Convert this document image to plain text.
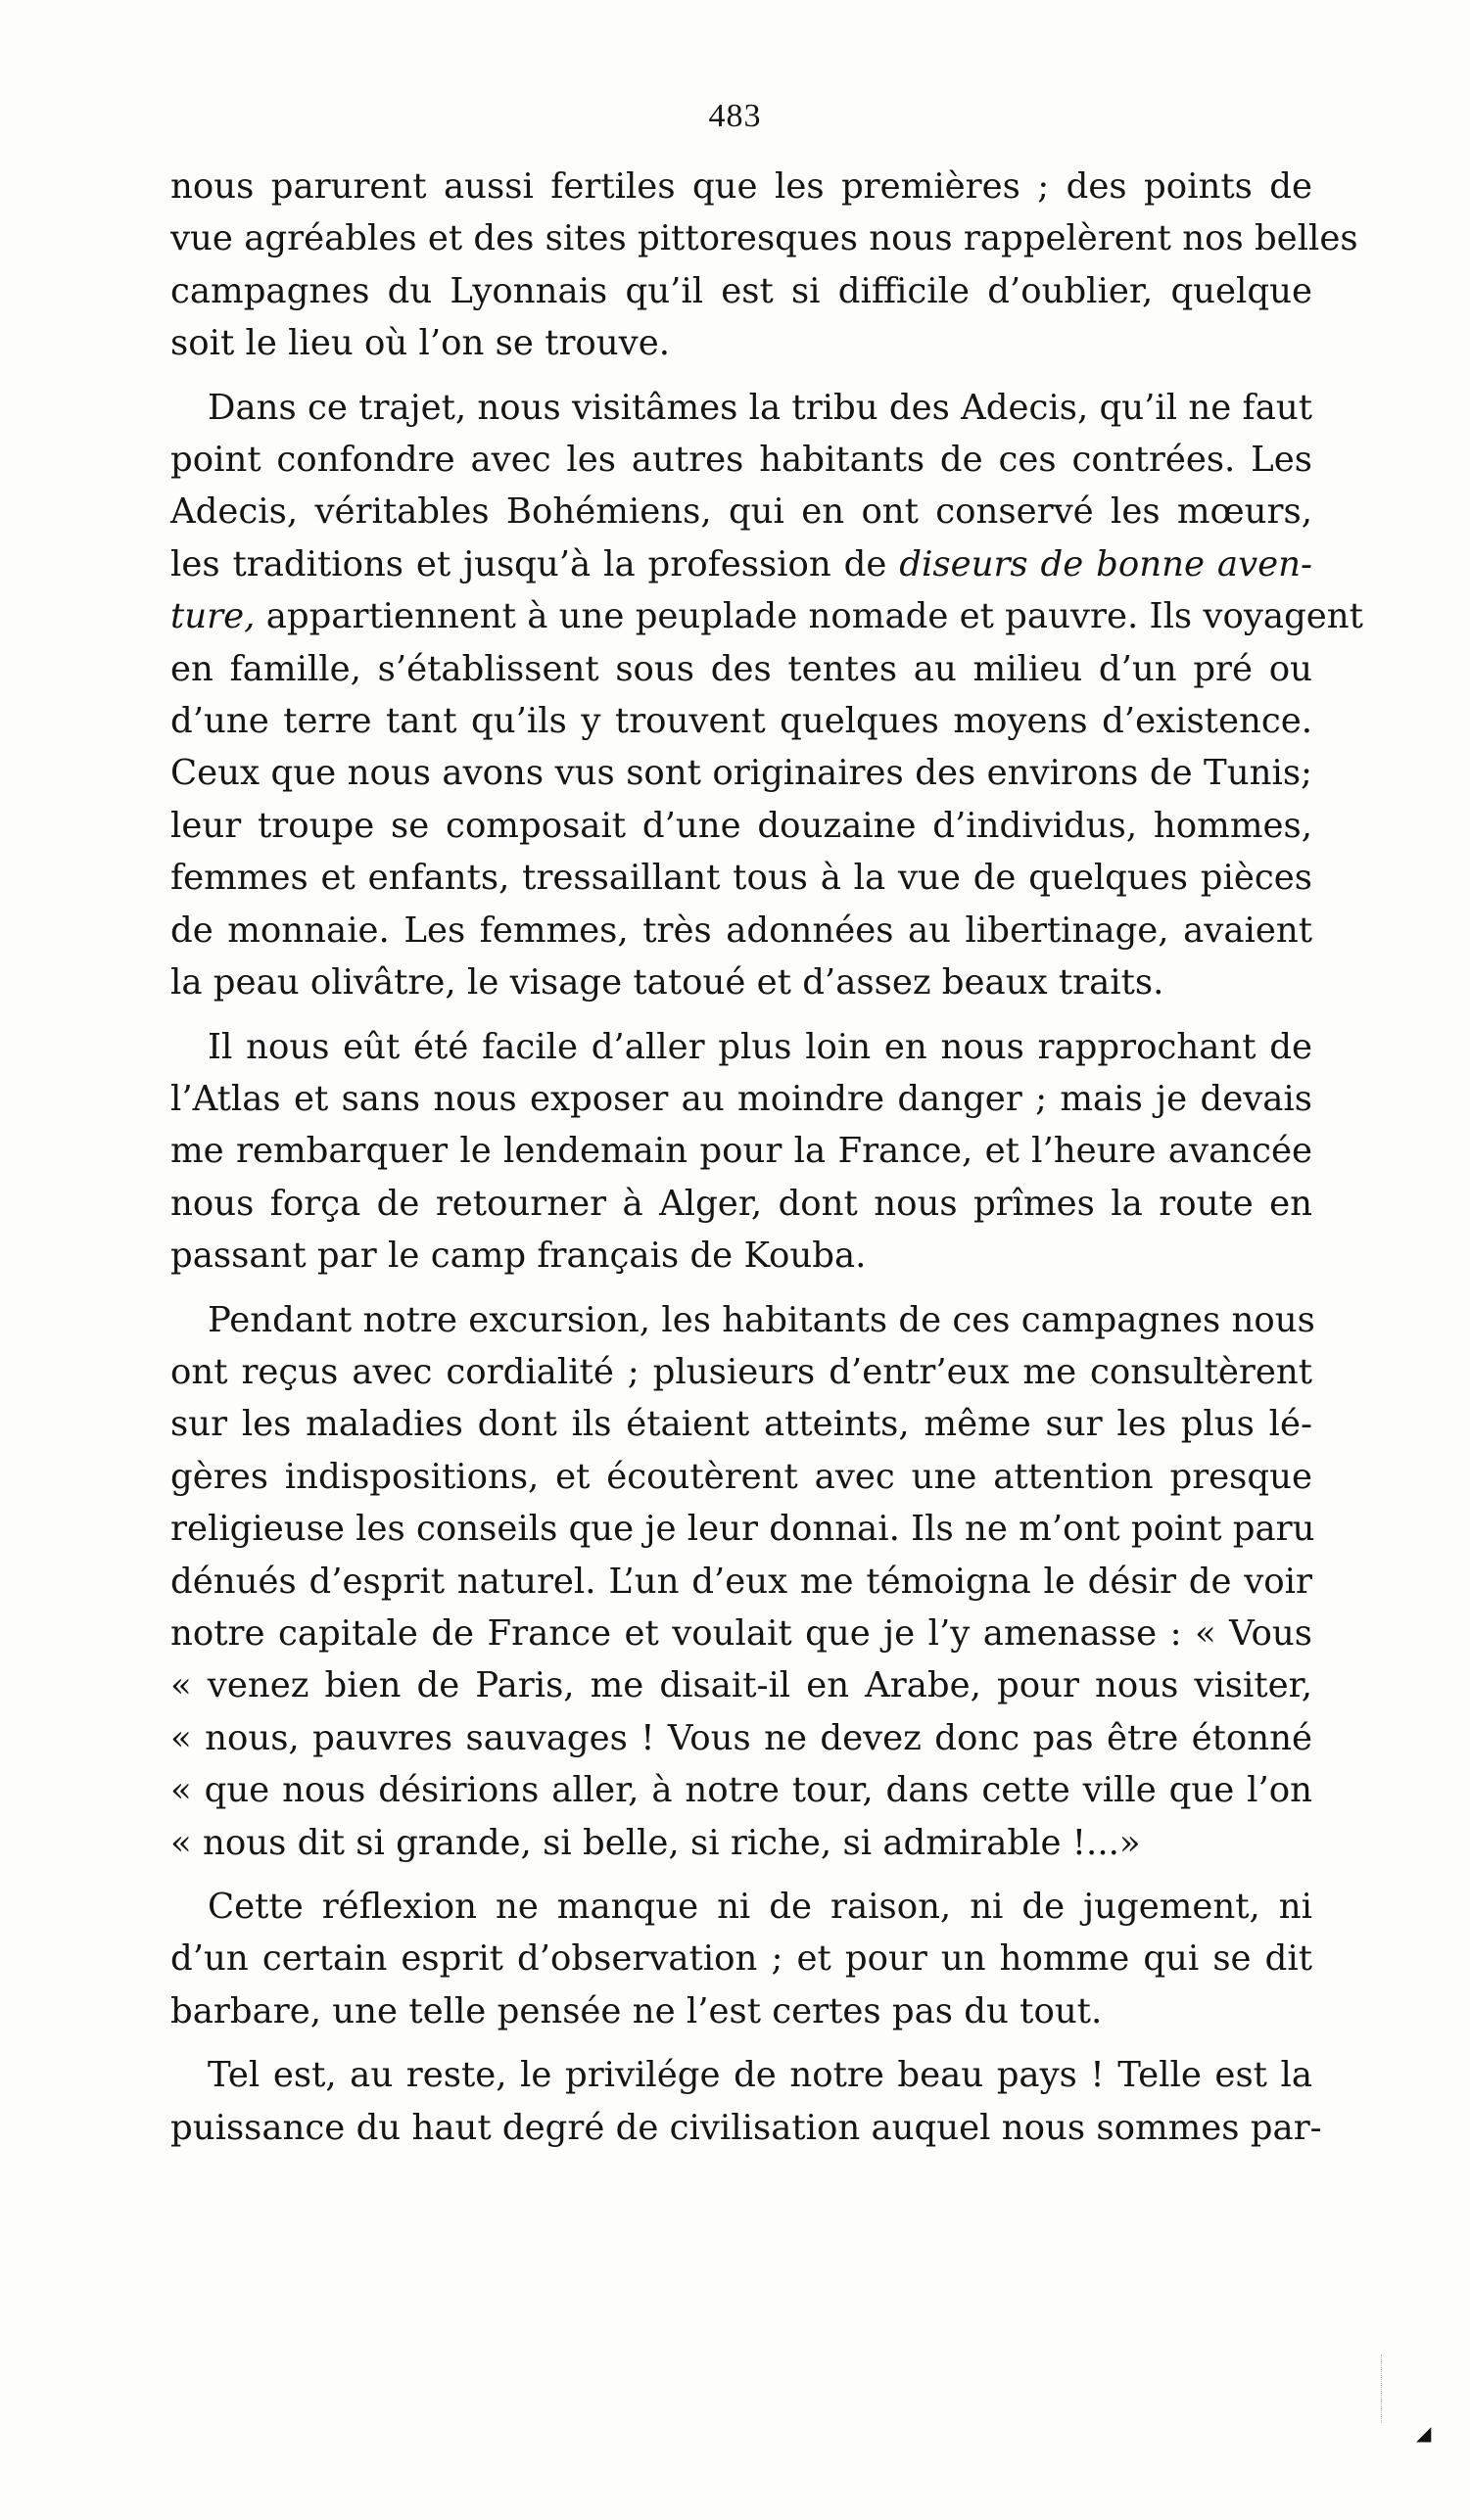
483
nous parurent aussi fertiles que les premières ; des points de
vue agréables et des sites pittoresques nous rappelèrent nos belles
campagnes du Lyonnais qu’il est si difficile d’oublier, quelque
soit le lieu où l’on se trouve.
Dans ce trajet, nous visitâmes la tribu des Adecis, qu’il ne faut
point confondre avec les autres habitants de ces contrées. Les
Adecis, véritables Bohémiens, qui en ont conservé les mœurs,
les traditions et jusqu’à la profession de diseurs de bonne aven-
ture, appartiennent à une peuplade nomade et pauvre. Ils voyagent
en famille, s’établissent sous des tentes au milieu d’un pré ou
d’une terre tant qu’ils y trouvent quelques moyens d’existence.
Ceux que nous avons vus sont originaires des environs de Tunis;
leur troupe se composait d’une douzaine d’individus, hommes,
femmes et enfants, tressaillant tous à la vue de quelques pièces
de monnaie. Les femmes, très adonnées au libertinage, avaient
la peau olivâtre, le visage tatoué et d’assez beaux traits.
Il nous eût été facile d’aller plus loin en nous rapprochant de
l’Atlas et sans nous exposer au moindre danger ; mais je devais
me rembarquer le lendemain pour la France, et l’heure avancée
nous força de retourner à Alger, dont nous prîmes la route en
passant par le camp français de Kouba.
Pendant notre excursion, les habitants de ces campagnes nous
ont reçus avec cordialité ; plusieurs d’entr’eux me consultèrent
sur les maladies dont ils étaient atteints, même sur les plus lé-
gères indispositions, et écoutèrent avec une attention presque
religieuse les conseils que je leur donnai. Ils ne m’ont point paru
dénués d’esprit naturel. L’un d’eux me témoigna le désir de voir
notre capitale de France et voulait que je l’y amenasse : « Vous
« venez bien de Paris, me disait-il en Arabe, pour nous visiter,
« nous, pauvres sauvages ! Vous ne devez donc pas être étonné
« que nous désirions aller, à notre tour, dans cette ville que l’on
« nous dit si grande, si belle, si riche, si admirable !...»
Cette réflexion ne manque ni de raison, ni de jugement, ni
d’un certain esprit d’observation ; et pour un homme qui se dit
barbare, une telle pensée ne l’est certes pas du tout.
Tel est, au reste, le privilége de notre beau pays ! Telle est la
puissance du haut degré de civilisation auquel nous sommes par-
◢
